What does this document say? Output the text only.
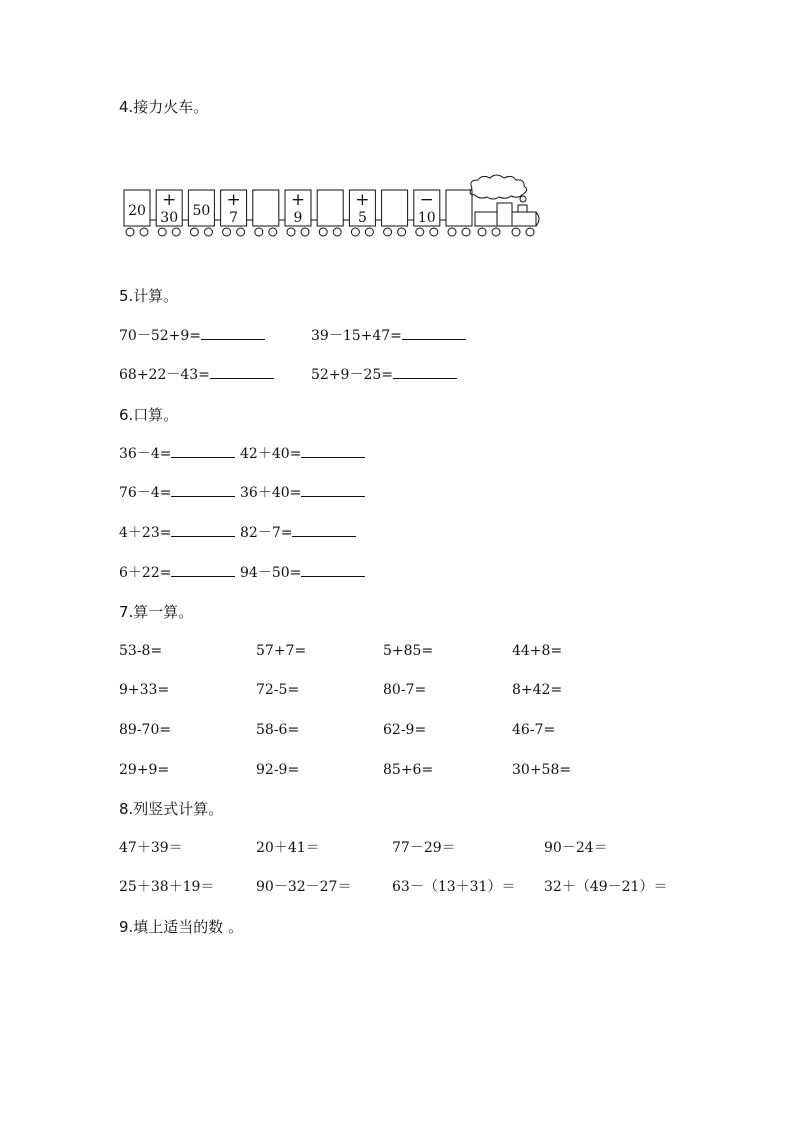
4.接力火车。
20
+
30 50
+
7
+
9
+
5
−
10
5.计算。
70－52+9=	39－15+47=
68+22－43=	52+9－25=
6.口算。
36－4=	42＋40=
76－4=	36＋40=
4＋23=	82－7=
6＋22=	94－50=
7.算一算。
53-8=	57+7=	5+85=	44+8=
9+33=	72-5=	80-7=	8+42=
89-70=	58-6=	62-9=	46-7=
29+9=	92-9=	85+6=	30+58=
8.列竖式计算。
47＋39＝	20＋41＝	77－29＝	90－24＝
25＋38＋19＝	90－32－27＝	63－（13＋31）＝ 32＋（49－21）＝
9.填上适当的数 。
